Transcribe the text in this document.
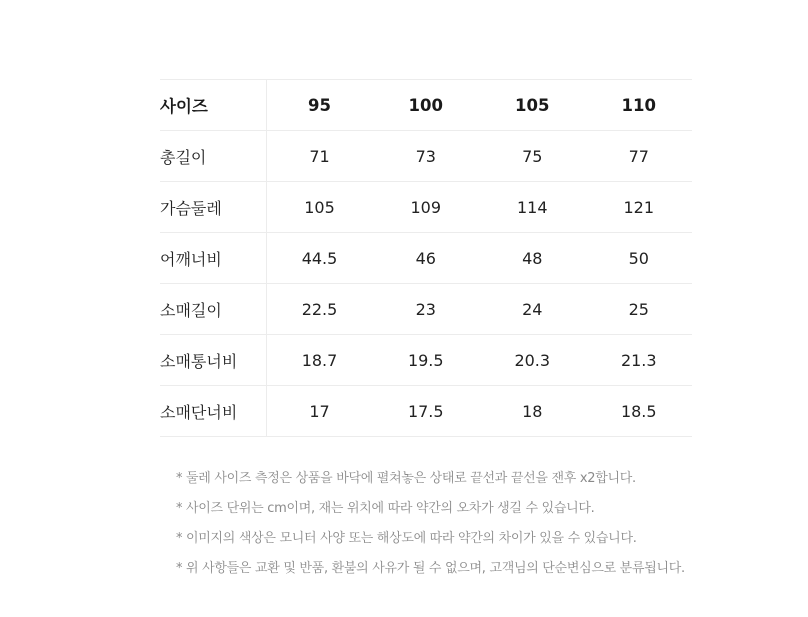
사이즈	95	100	105	110
총길이	71	73	75	77
가슴둘레	105	109	114	121
어깨너비	44.5	46	48	50
소매길이	22.5	23	24	25
소매통너비	18.7	19.5	20.3	21.3
소매단너비	17	17.5	18	18.5
* 둘레 사이즈 측정은 상품을 바닥에 펼쳐놓은 상태로 끝선과 끝선을 잰후 x2합니다.
* 사이즈 단위는 cm이며, 재는 위치에 따라 약간의 오차가 생길 수 있습니다.
* 이미지의 색상은 모니터 사양 또는 해상도에 따라 약간의 차이가 있을 수 있습니다.
* 위 사항들은 교환 및 반품, 환불의 사유가 될 수 없으며, 고객님의 단순변심으로 분류됩니다.
